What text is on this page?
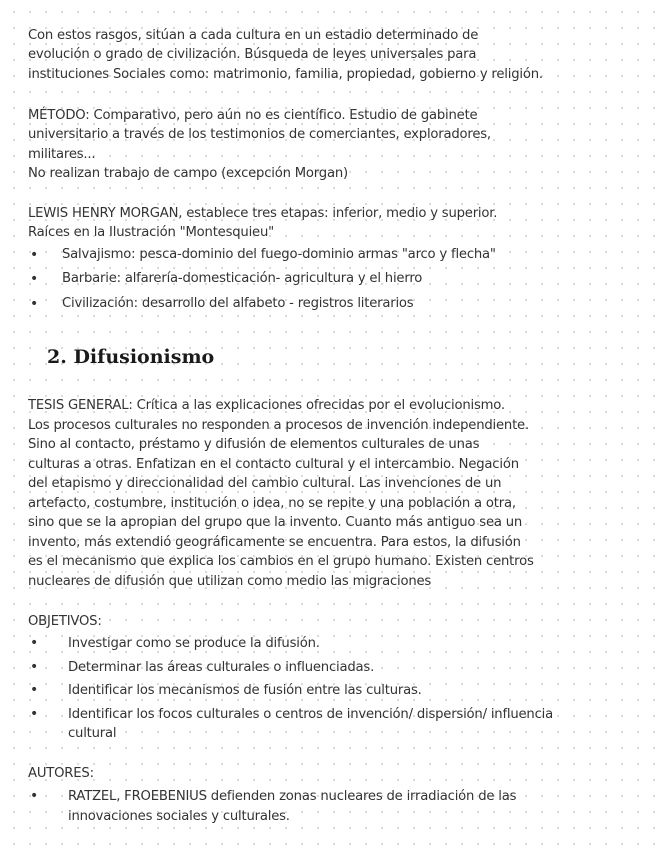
Con estos rasgos, sitúan a cada cultura en un estadio determinado de

evolución o grado de civilización. Búsqueda de leyes universales para

instituciones Sociales como: matrimonio, familia, propiedad, gobierno y religión.

MÉTODO: Comparativo, pero aún no es científico. Estudio de gabinete

universitario a través de los testimonios de comerciantes, exploradores,

militares...

No realizan trabajo de campo (excepción Morgan)

LEWIS HENRY MORGAN, establece tres etapas: inferior, medio y superior.

Raíces en la Ilustración "Montesquieu"

• Salvajismo: pesca-dominio del fuego-dominio armas "arco y flecha"
• Barbarie: alfarería-domesticación- agricultura y el hierro
• Civilización: desarrollo del alfabeto - registros literarios
2. Difusionismo

TESIS GENERAL: Crítica a las explicaciones ofrecidas por el evolucionismo.

Los procesos culturales no responden a procesos de invención independiente.

Sino al contacto, préstamo y difusión de elementos culturales de unas

culturas a otras. Enfatizan en el contacto cultural y el intercambio. Negación

del etapismo y direccionalidad del cambio cultural. Las invenciones de un

artefacto, costumbre, institución o idea, no se repite y una población a otra,

sino que se la apropian del grupo que la invento. Cuanto más antiguo sea un

invento, más extendió geográficamente se encuentra. Para estos, la difusión

es el mecanismo que explica los cambios en el grupo humano. Existen centros

nucleares de difusión que utilizan como medio las migraciones

OBJETIVOS:

• Investigar como se produce la difusión.
• Determinar las áreas culturales o influenciadas.
• Identificar los mecanismos de fusión entre las culturas.
• Identificar los focos culturales o centros de invención/ dispersión/ influencia cultural

AUTORES:

• RATZEL, FROEBENIUS defienden zonas nucleares de irradiación de las innovaciones sociales y culturales.
